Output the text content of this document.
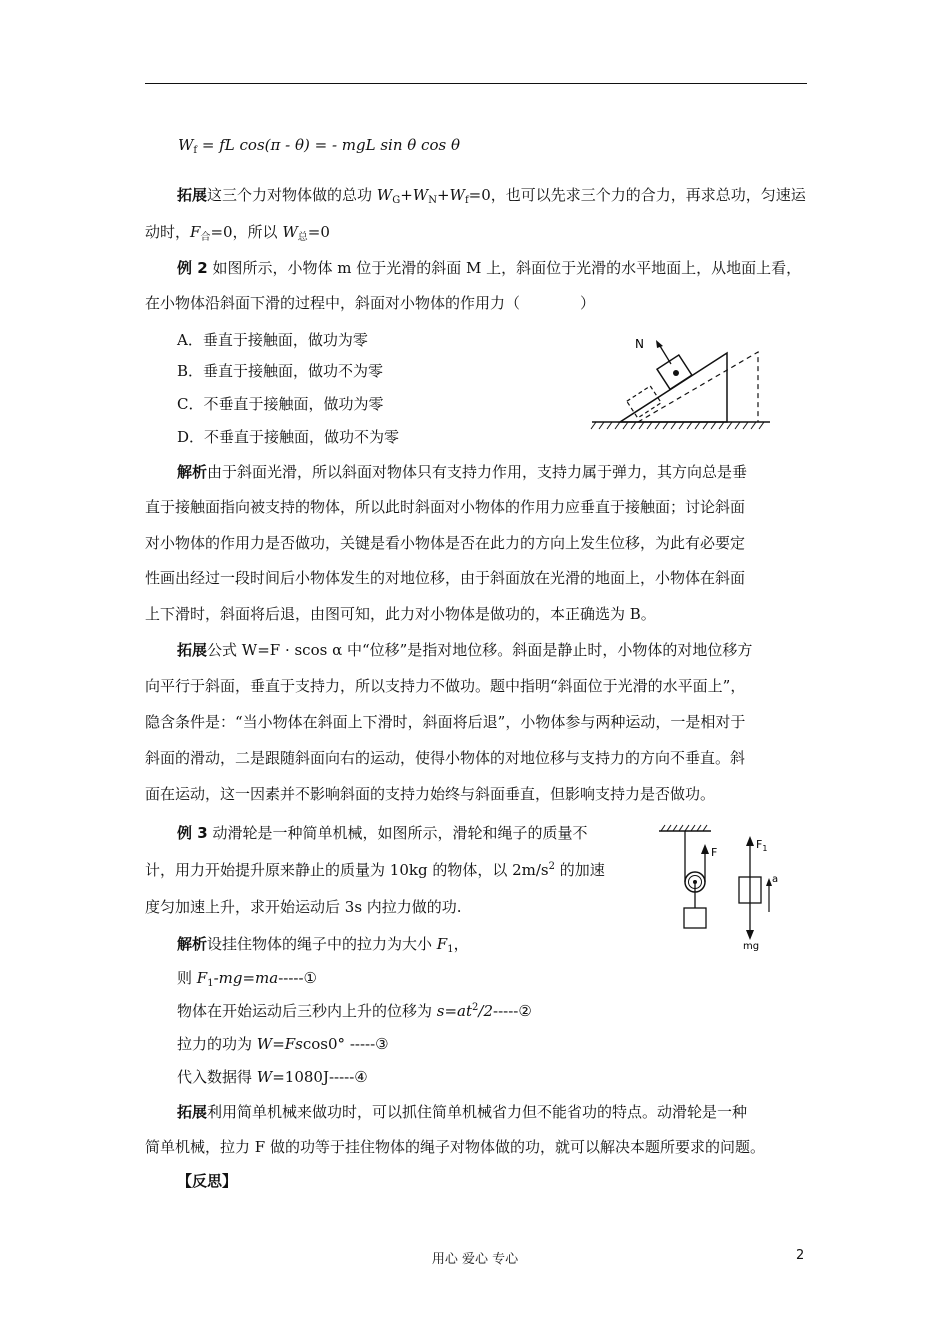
$W_f$ = fL cos(π - θ) = - mgL sin θ cos θ
拓展这三个力对物体做的总功 $W_G+W_N+W_f=0$，也可以先求三个力的合力，再求总功，匀速运
动时，$F_合=0$，所以 $W_总=0$
例 2 如图所示，小物体 m 位于光滑的斜面 M 上，斜面位于光滑的水平地面上，从地面上看，
在小物体沿斜面下滑的过程中，斜面对小物体的作用力（　　　　）
A．垂直于接触面，做功为零
B．垂直于接触面，做功不为零
C．不垂直于接触面，做功为零
D．不垂直于接触面，做功不为零
N
解析由于斜面光滑，所以斜面对物体只有支持力作用，支持力属于弹力，其方向总是垂
直于接触面指向被支持的物体，所以此时斜面对小物体的作用力应垂直于接触面；讨论斜面
对小物体的作用力是否做功，关键是看小物体是否在此力的方向上发生位移，为此有必要定
性画出经过一段时间后小物体发生的对地位移，由于斜面放在光滑的地面上，小物体在斜面
上下滑时，斜面将后退，由图可知，此力对小物体是做功的，本正确选为 B。
拓展公式 W=F · scos α 中“位移”是指对地位移。斜面是静止时，小物体的对地位移方
向平行于斜面，垂直于支持力，所以支持力不做功。题中指明“斜面位于光滑的水平面上”，
隐含条件是：“当小物体在斜面上下滑时，斜面将后退”，小物体参与两种运动，一是相对于
斜面的滑动，二是跟随斜面向右的运动，使得小物体的对地位移与支持力的方向不垂直。斜
面在运动，这一因素并不影响斜面的支持力始终与斜面垂直，但影响支持力是否做功。
例 3 动滑轮是一种简单机械，如图所示，滑轮和绳子的质量不
计，用力开始提升原来静止的质量为 10kg 的物体，以 $2m/s^2$ 的加速
度匀加速上升，求开始运动后 3s 内拉力做的功.
F
$F_1$
a
mg
解析设挂住物体的绳子中的拉力为大小 $F_1$，
则 $F_1-mg=ma-----①$
物体在开始运动后三秒内上升的位移为 $s=at^2/2-----②$
拉力的功为 W=Fscos0° -----③
代入数据得 W=1080J-----④
拓展利用简单机械来做功时，可以抓住简单机械省力但不能省功的特点。动滑轮是一种
简单机械，拉力 F 做的功等于挂住物体的绳子对物体做的功，就可以解决本题所要求的问题。
【反思】
用心 爱心 专心	2
